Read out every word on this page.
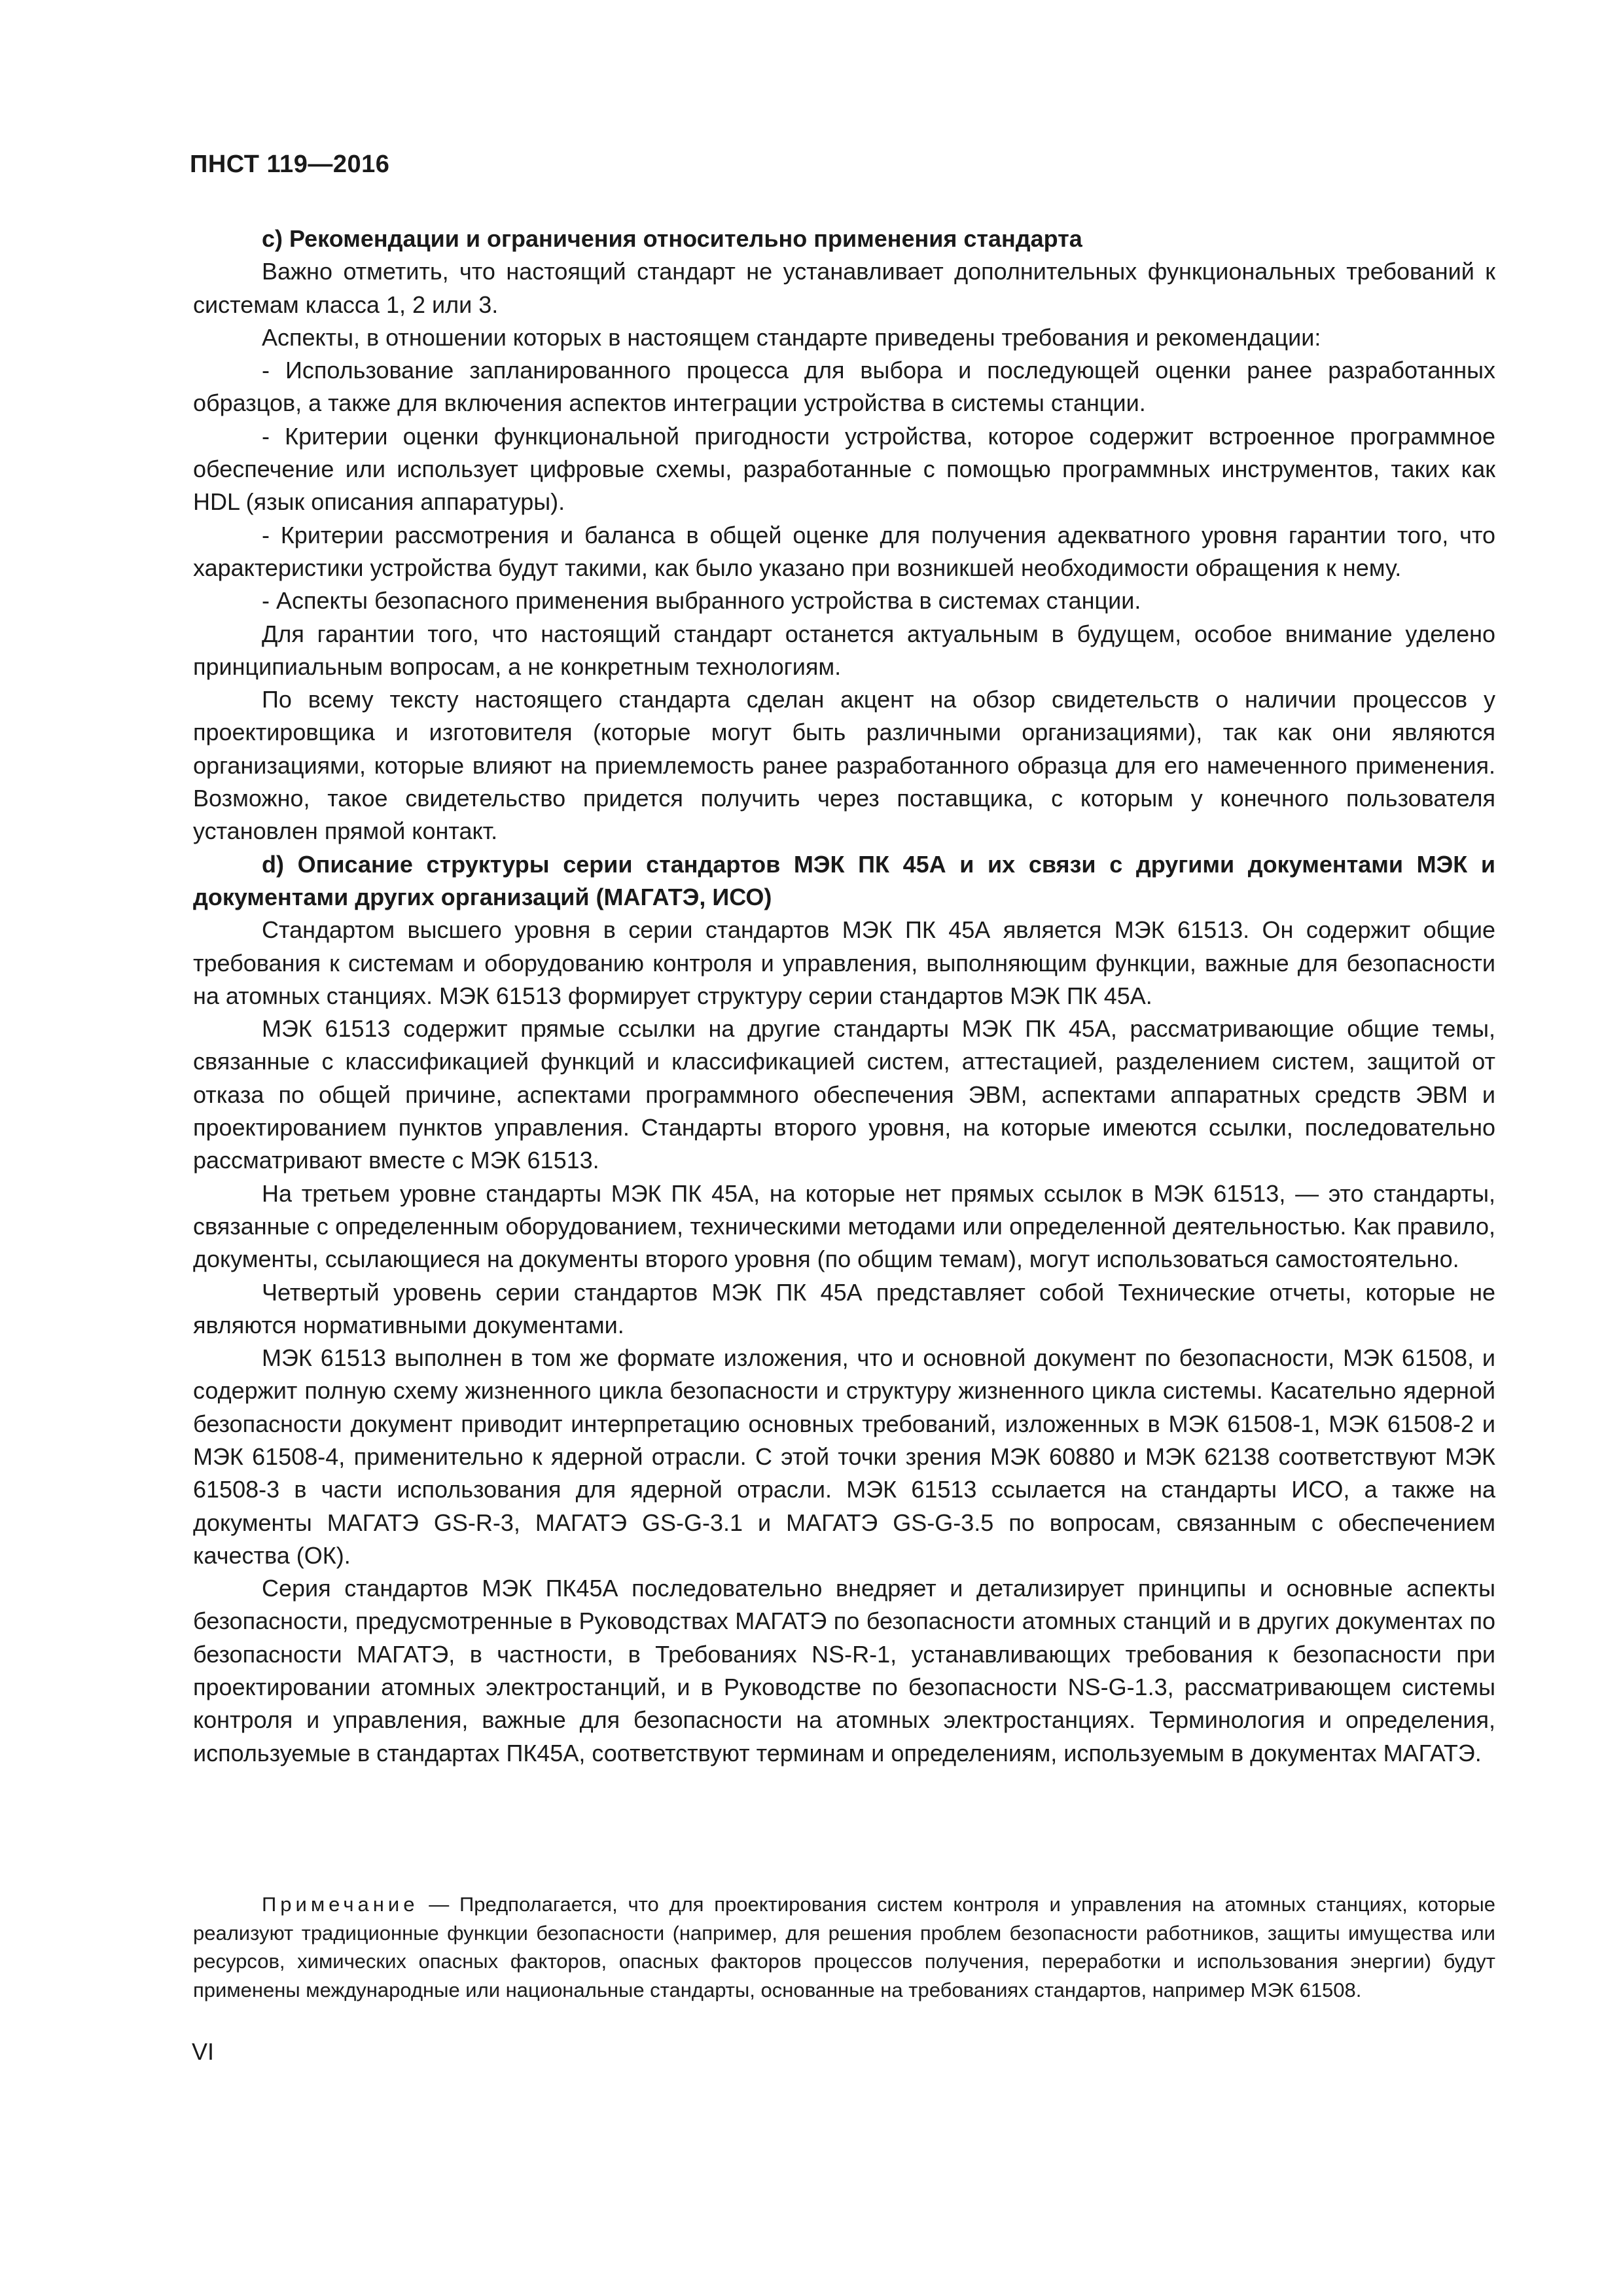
ПНСТ 119—2016

c) Рекомендации и ограничения относительно применения стандарта

Важно отметить, что настоящий стандарт не устанавливает дополнительных функциональных требований к системам класса 1, 2 или 3.

Аспекты, в отношении которых в настоящем стандарте приведены требования и рекомендации:

- Использование запланированного процесса для выбора и последующей оценки ранее разработанных образцов, а также для включения аспектов интеграции устройства в системы станции.

- Критерии оценки функциональной пригодности устройства, которое содержит встроенное программное обеспечение или использует цифровые схемы, разработанные с помощью программных инструментов, таких как HDL (язык описания аппаратуры).

- Критерии рассмотрения и баланса в общей оценке для получения адекватного уровня гарантии того, что характеристики устройства будут такими, как было указано при возникшей необходимости обращения к нему.

- Аспекты безопасного применения выбранного устройства в системах станции.

Для гарантии того, что настоящий стандарт останется актуальным в будущем, особое внимание уделено принципиальным вопросам, а не конкретным технологиям.

По всему тексту настоящего стандарта сделан акцент на обзор свидетельств о наличии процессов у проектировщика и изготовителя (которые могут быть различными организациями), так как они являются организациями, которые влияют на приемлемость ранее разработанного образца для его намеченного применения. Возможно, такое свидетельство придется получить через поставщика, с которым у конечного пользователя установлен прямой контакт.

d) Описание структуры серии стандартов МЭК ПК 45А и их связи с другими документами МЭК и документами других организаций (МАГАТЭ, ИСО)

Стандартом высшего уровня в серии стандартов МЭК ПК 45А является МЭК 61513. Он содержит общие требования к системам и оборудованию контроля и управления, выполняющим функции, важные для безопасности на атомных станциях. МЭК 61513 формирует структуру серии стандартов МЭК ПК 45А.

МЭК 61513 содержит прямые ссылки на другие стандарты МЭК ПК 45А, рассматривающие общие темы, связанные с классификацией функций и классификацией систем, аттестацией, разделением систем, защитой от отказа по общей причине, аспектами программного обеспечения ЭВМ, аспектами аппаратных средств ЭВМ и проектированием пунктов управления. Стандарты второго уровня, на которые имеются ссылки, последовательно рассматривают вместе с МЭК 61513.

На третьем уровне стандарты МЭК ПК 45А, на которые нет прямых ссылок в МЭК 61513, — это стандарты, связанные с определенным оборудованием, техническими методами или определенной деятельностью. Как правило, документы, ссылающиеся на документы второго уровня (по общим темам), могут использоваться самостоятельно.

Четвертый уровень серии стандартов МЭК ПК 45А представляет собой Технические отчеты, которые не являются нормативными документами.

МЭК 61513 выполнен в том же формате изложения, что и основной документ по безопасности, МЭК 61508, и содержит полную схему жизненного цикла безопасности и структуру жизненного цикла системы. Касательно ядерной безопасности документ приводит интерпретацию основных требований, изложенных в МЭК 61508-1, МЭК 61508-2 и МЭК 61508-4, применительно к ядерной отрасли. С этой точки зрения МЭК 60880 и МЭК 62138 соответствуют МЭК 61508-3 в части использования для ядерной отрасли. МЭК 61513 ссылается на стандарты ИСО, а также на документы МАГАТЭ GS-R-3, МАГАТЭ GS-G-3.1 и МАГАТЭ GS-G-3.5 по вопросам, связанным с обеспечением качества (ОК).

Серия стандартов МЭК ПК45А последовательно внедряет и детализирует принципы и основные аспекты безопасности, предусмотренные в Руководствах МАГАТЭ по безопасности атомных станций и в других документах по безопасности МАГАТЭ, в частности, в Требованиях NS-R-1, устанавливающих требования к безопасности при проектировании атомных электростанций, и в Руководстве по безопасности NS-G-1.3, рассматривающем системы контроля и управления, важные для безопасности на атомных электростанциях. Терминология и определения, используемые в стандартах ПК45А, соответствуют терминам и определениям, используемым в документах МАГАТЭ.

Примечание — Предполагается, что для проектирования систем контроля и управления на атомных станциях, которые реализуют традиционные функции безопасности (например, для решения проблем безопасности работников, защиты имущества или ресурсов, химических опасных факторов, опасных факторов процессов получения, переработки и использования энергии) будут применены международные или национальные стандарты, основанные на требованиях стандартов, например МЭК 61508.

VI
